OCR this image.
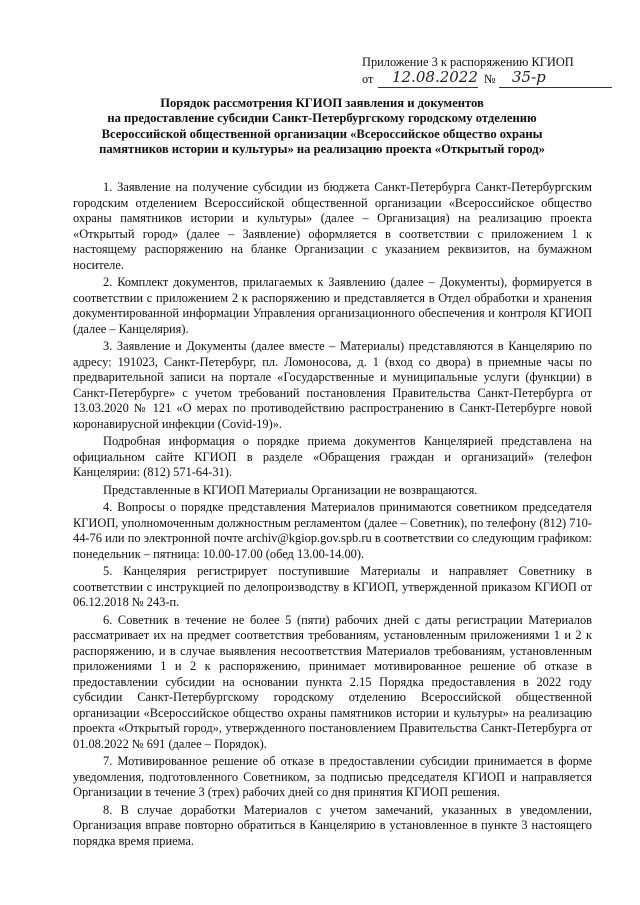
Приложение 3 к распоряжению КГИОП
от 12.08.2022 № 35-р
Порядок рассмотрения КГИОП заявления и документов
на предоставление субсидии Санкт-Петербургскому городскому отделению
Всероссийской общественной организации «Всероссийское общество охраны
памятников истории и культуры» на реализацию проекта «Открытый город»

1. Заявление на получение субсидии из бюджета Санкт-Петербурга Санкт-Петербургским городским отделением Всероссийской общественной организации «Всероссийское общество охраны памятников истории и культуры» (далее – Организация) на реализацию проекта «Открытый город» (далее – Заявление) оформляется в соответствии с приложением 1 к настоящему распоряжению на бланке Организации с указанием реквизитов, на бумажном носителе.

2. Комплект документов, прилагаемых к Заявлению (далее – Документы), формируется в соответствии с приложением 2 к распоряжению и представляется в Отдел обработки и хранения документированной информации Управления организационного обеспечения и контроля КГИОП (далее – Канцелярия).

3. Заявление и Документы (далее вместе – Материалы) представляются в Канцелярию по адресу: 191023, Санкт-Петербург, пл. Ломоносова, д. 1 (вход со двора) в приемные часы по предварительной записи на портале «Государственные и муниципальные услуги (функции) в Санкт-Петербурге» с учетом требований постановления Правительства Санкт-Петербурга от 13.03.2020 № 121 «О мерах по противодействию распространению в Санкт-Петербурге новой коронавирусной инфекции (Covid-19)».

Подробная информация о порядке приема документов Канцелярией представлена на официальном сайте КГИОП в разделе «Обращения граждан и организаций» (телефон Канцелярии: (812) 571-64-31).

Представленные в КГИОП Материалы Организации не возвращаются.

4. Вопросы о порядке представления Материалов принимаются советником председателя КГИОП, уполномоченным должностным регламентом (далее – Советник), по телефону (812) 710-44-76 или по электронной почте archiv@kgiop.gov.spb.ru в соответствии со следующим графиком: понедельник – пятница: 10.00-17.00 (обед 13.00-14.00).

5. Канцелярия регистрирует поступившие Материалы и направляет Советнику в соответствии с инструкцией по делопроизводству в КГИОП, утвержденной приказом КГИОП от 06.12.2018 № 243-п.

6. Советник в течение не более 5 (пяти) рабочих дней с даты регистрации Материалов рассматривает их на предмет соответствия требованиям, установленным приложениями 1 и 2 к распоряжению, и в случае выявления несоответствия Материалов требованиям, установленным приложениями 1 и 2 к распоряжению, принимает мотивированное решение об отказе в предоставлении субсидии на основании пункта 2.15 Порядка предоставления в 2022 году субсидии Санкт-Петербургскому городскому отделению Всероссийской общественной организации «Всероссийское общество охраны памятников истории и культуры» на реализацию проекта «Открытый город», утвержденного постановлением Правительства Санкт-Петербурга от 01.08.2022 № 691 (далее – Порядок).

7. Мотивированное решение об отказе в предоставлении субсидии принимается в форме уведомления, подготовленного Советником, за подписью председателя КГИОП и направляется Организации в течение 3 (трех) рабочих дней со дня принятия КГИОП решения.

8. В случае доработки Материалов с учетом замечаний, указанных в уведомлении, Организация вправе повторно обратиться в Канцелярию в установленное в пункте 3 настоящего порядка время приема.
